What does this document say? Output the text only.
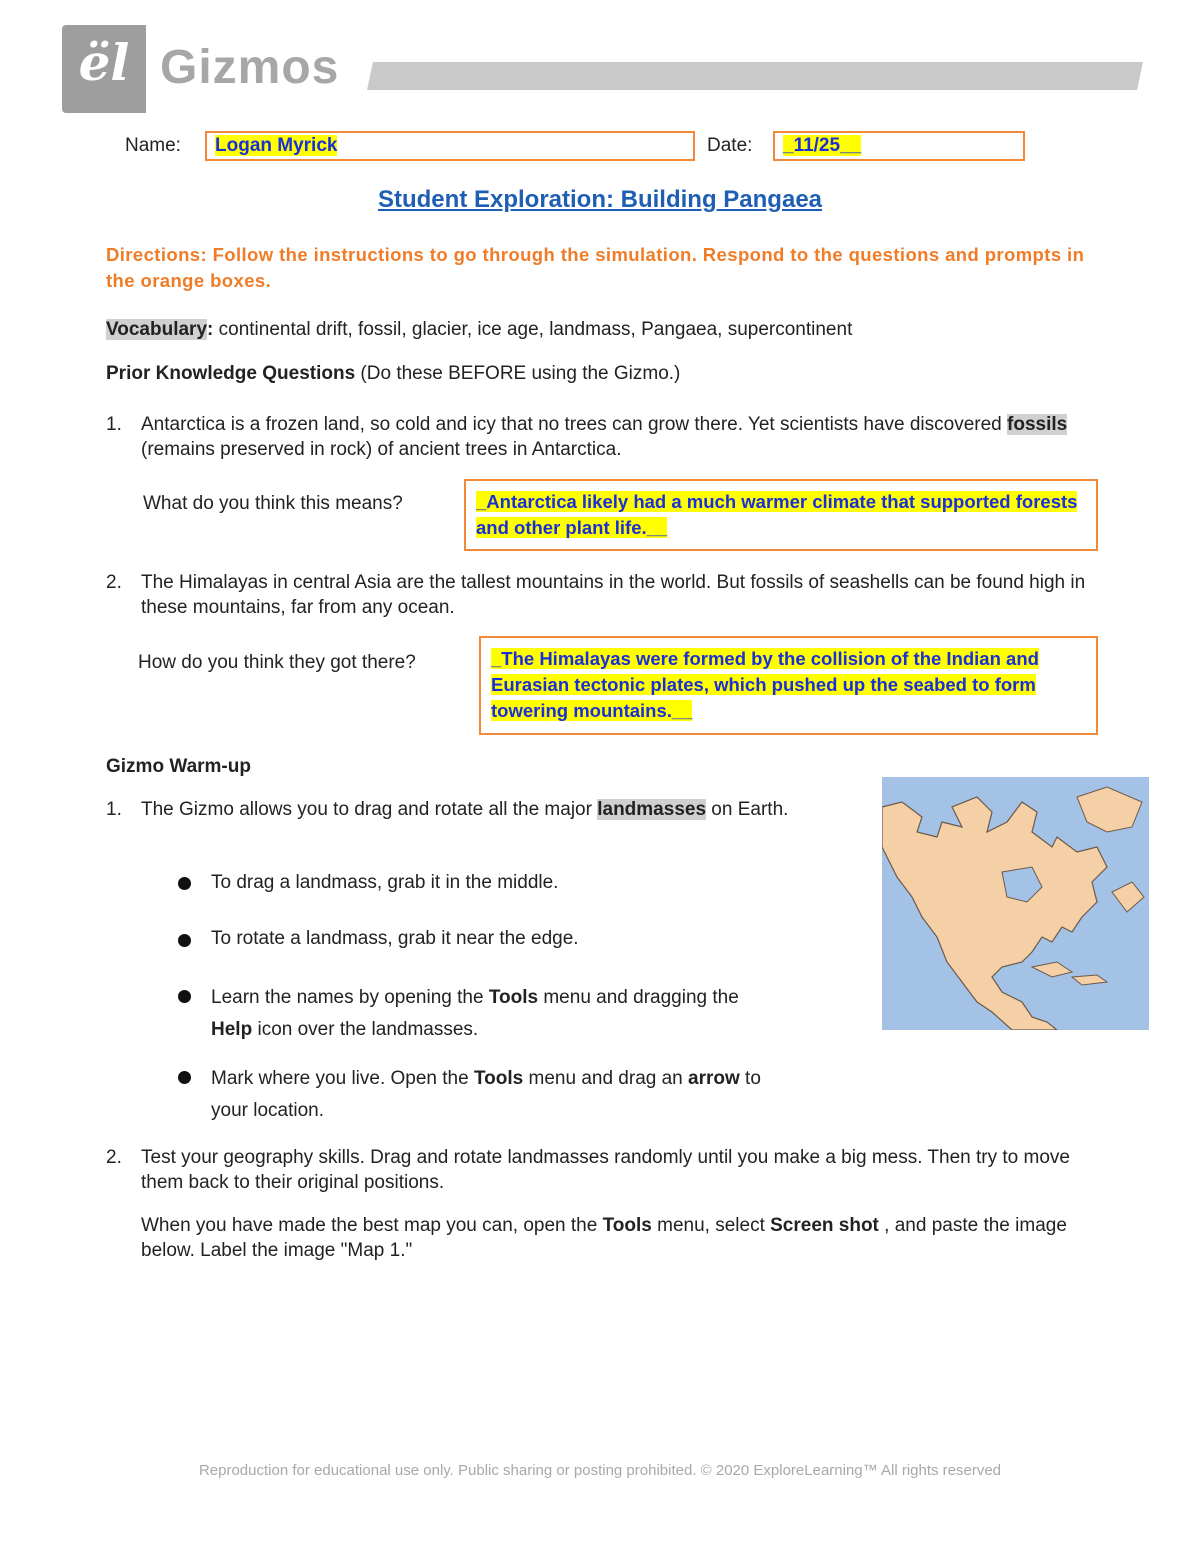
ël Gizmos
Name:	Logan Myrick	Date:	_11/25__
Student Exploration: Building Pangaea
Directions: Follow the instructions to go through the simulation. Respond to the questions and prompts in the orange boxes.
Vocabulary: continental drift, fossil, glacier, ice age, landmass, Pangaea, supercontinent
Prior Knowledge Questions (Do these BEFORE using the Gizmo.)
1. Antarctica is a frozen land, so cold and icy that no trees can grow there. Yet scientists have discovered fossils (remains preserved in rock) of ancient trees in Antarctica.
What do you think this means?	_Antarctica likely had a much warmer climate that supported forests and other plant life.__
2. The Himalayas in central Asia are the tallest mountains in the world. But fossils of seashells can be found high in these mountains, far from any ocean.
How do you think they got there?	_The Himalayas were formed by the collision of the Indian and Eurasian tectonic plates, which pushed up the seabed to form towering mountains.__
Gizmo Warm-up
1. The Gizmo allows you to drag and rotate all the major landmasses on Earth.
To drag a landmass, grab it in the middle.
To rotate a landmass, grab it near the edge.
Learn the names by opening the Tools menu and dragging the
Help icon over the landmasses.
Mark where you live. Open the Tools menu and drag an arrow to
your location.
2. Test your geography skills. Drag and rotate landmasses randomly until you make a big mess. Then try to move them back to their original positions.
When you have made the best map you can, open the Tools menu, select Screen shot , and paste the image below. Label the image "Map 1."
Reproduction for educational use only. Public sharing or posting prohibited. © 2020 ExploreLearning™ All rights reserved
